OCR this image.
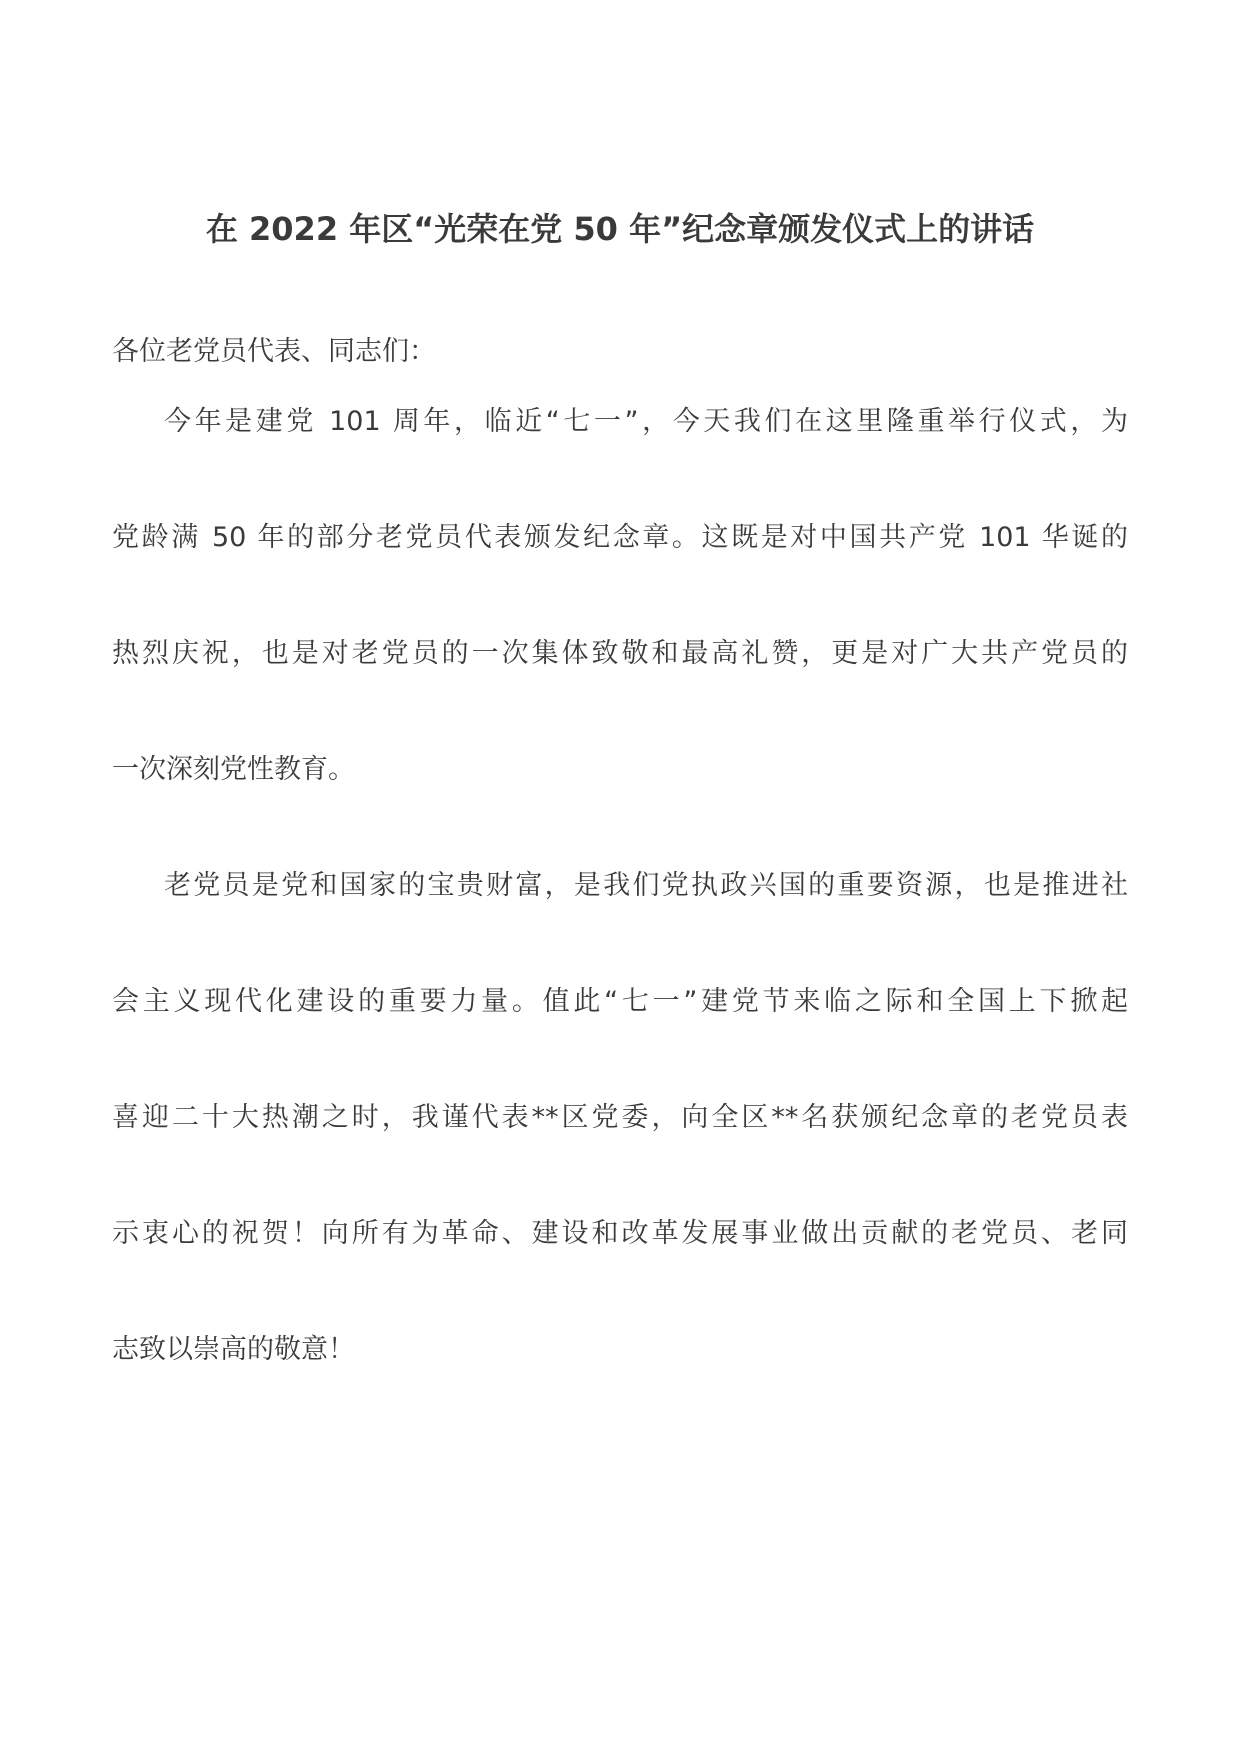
在 2022 年区“光荣在党 50 年”纪念章颁发仪式上的讲话
各位老党员代表、同志们：
今年是建党 101 周年，临近“七一”，今天我们在这里隆重举行仪式，为
党龄满 50 年的部分老党员代表颁发纪念章。这既是对中国共产党 101 华诞的
热烈庆祝，也是对老党员的一次集体致敬和最高礼赞，更是对广大共产党员的
一次深刻党性教育。
老党员是党和国家的宝贵财富，是我们党执政兴国的重要资源，也是推进社
会主义现代化建设的重要力量。值此“七一”建党节来临之际和全国上下掀起
喜迎二十大热潮之时，我谨代表**区党委，向全区**名获颁纪念章的老党员表
示衷心的祝贺！向所有为革命、建设和改革发展事业做出贡献的老党员、老同
志致以崇高的敬意！
